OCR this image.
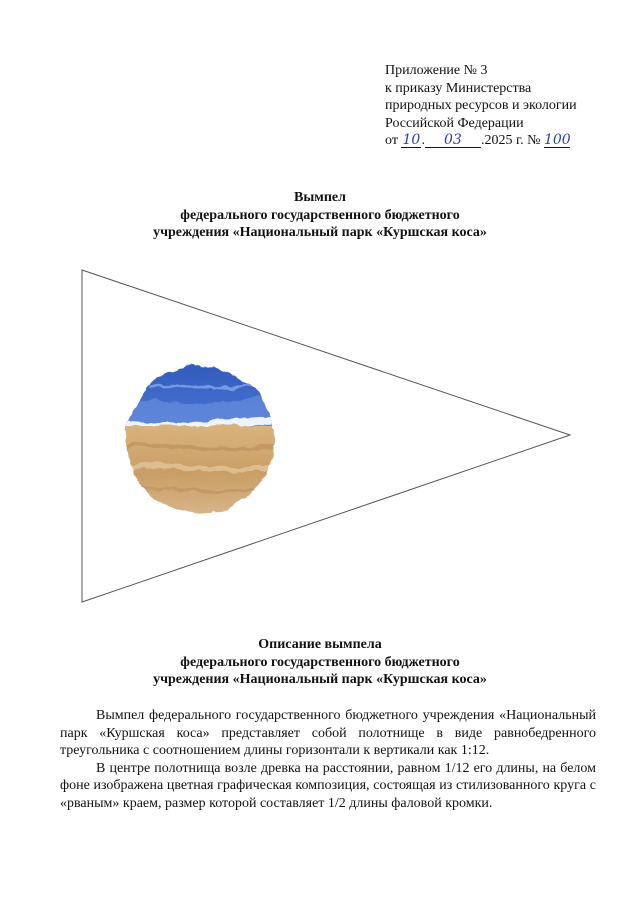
Приложение № 3
к приказу Министерства
природных ресурсов и экологии
Российской Федерации
от 10. 03 .2025 г. № 100
Вымпел
федерального государственного бюджетного
учреждения «Национальный парк «Куршская коса»
Описание вымпела
федерального государственного бюджетного
учреждения «Национальный парк «Куршская коса»

Вымпел федерального государственного бюджетного учреждения «Национальный парк «Куршская коса» представляет собой полотнище в виде равнобедренного треугольника с соотношением длины горизонтали к вертикали как 1:12.

В центре полотнища возле древка на расстоянии, равном 1/12 его длины, на белом фоне изображена цветная графическая композиция, состоящая из стилизованного круга с «рваным» краем, размер которой составляет 1/2 длины фаловой кромки.
